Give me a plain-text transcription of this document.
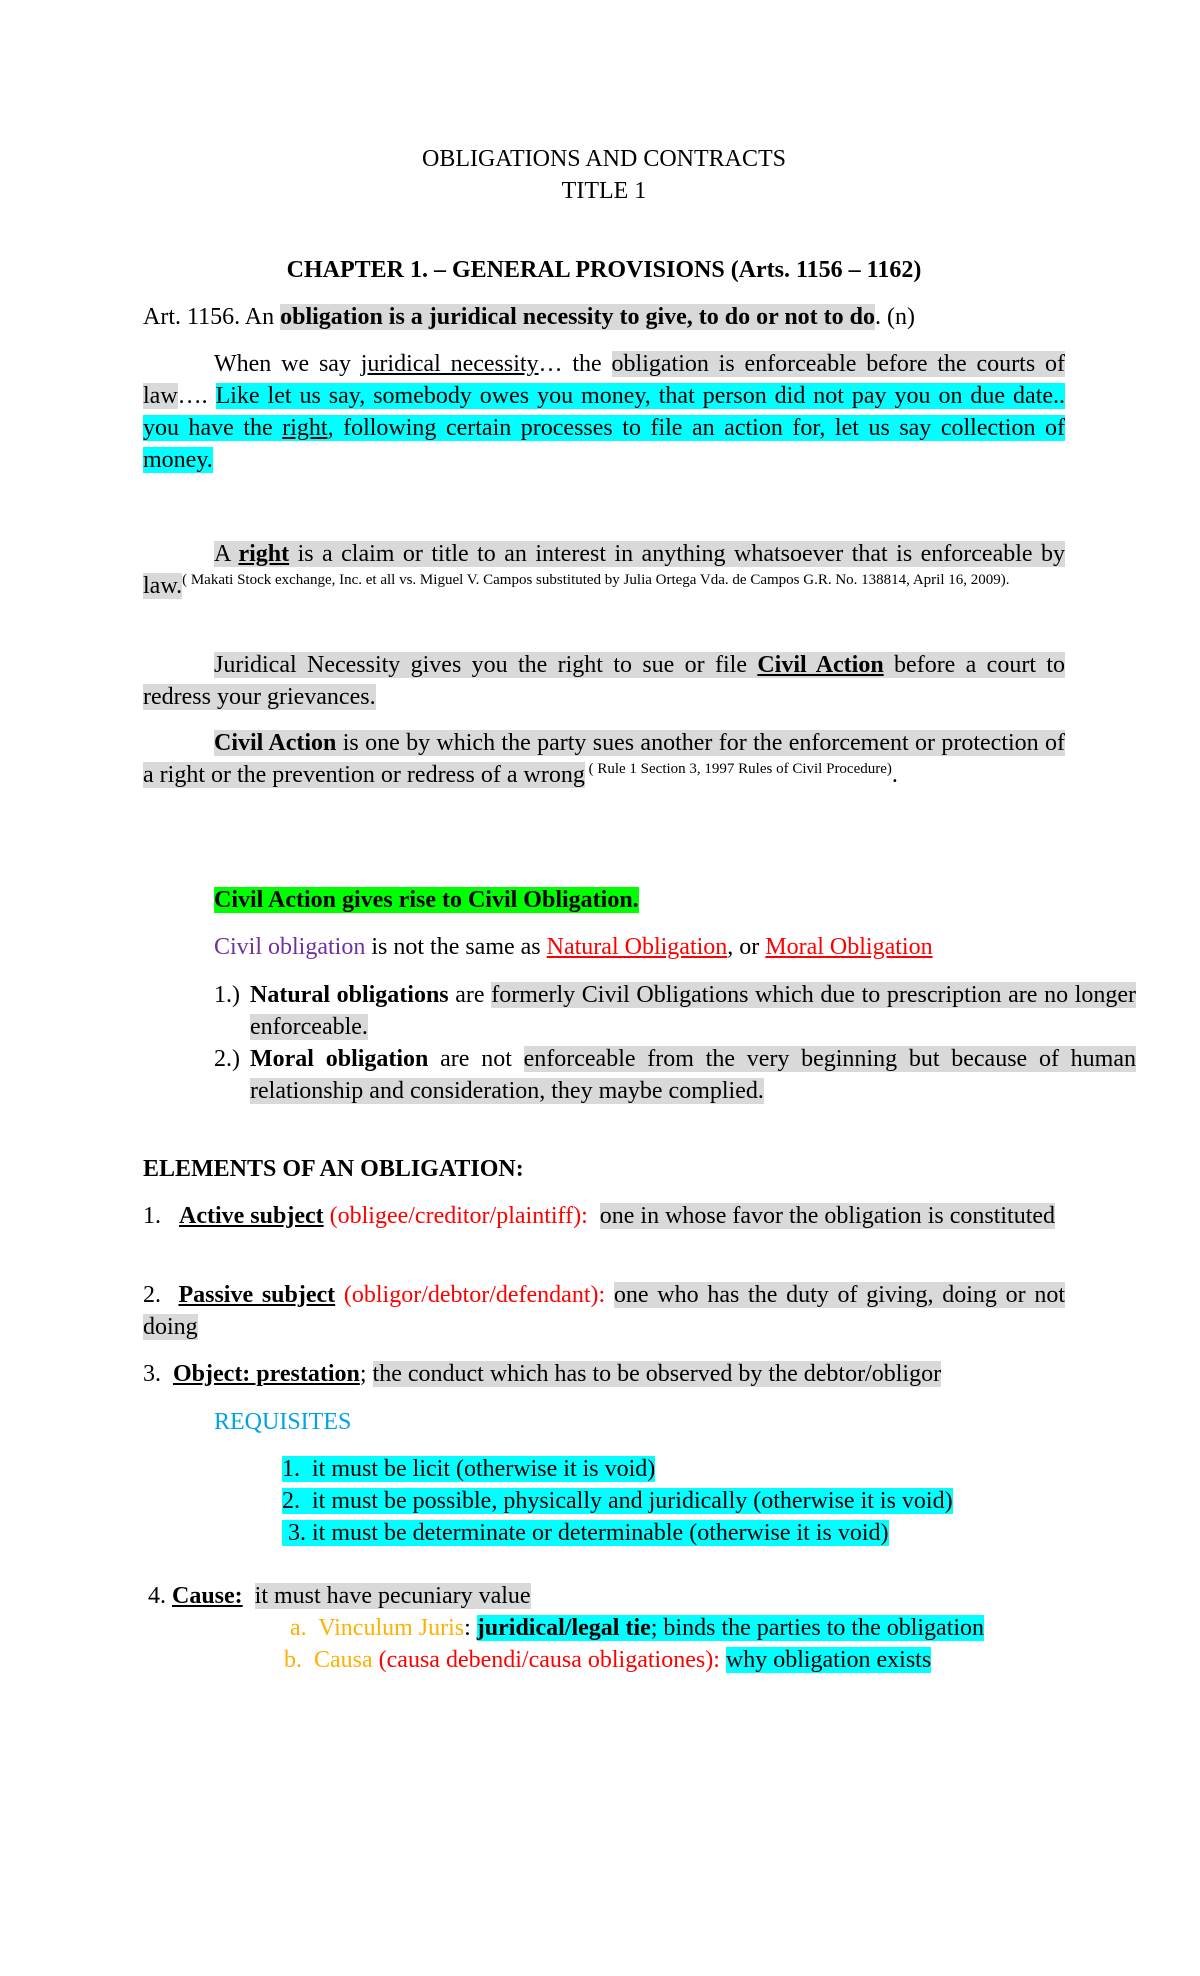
OBLIGATIONS AND CONTRACTS
TITLE 1
CHAPTER 1. – GENERAL PROVISIONS (Arts. 1156 – 1162)
Art. 1156. An obligation is a juridical necessity to give, to do or not to do. (n)
When we say juridical necessity… the obligation is enforceable before the courts of law…. Like let us say, somebody owes you money, that person did not pay you on due date.. you have the right, following certain processes to file an action for, let us say collection of money.
A right is a claim or title to an interest in anything whatsoever that is enforceable by law.$^{( Makati Stock exchange, Inc. et all vs. Miguel V. Campos substituted by Julia Ortega Vda. de Campos G.R. No. 138814, April 16, 2009).}$
Juridical Necessity gives you the right to sue or file Civil Action before a court to redress your grievances.
Civil Action is one by which the party sues another for the enforcement or protection of a right or the prevention or redress of a wrong $^{( Rule 1 Section 3, 1997 Rules of Civil Procedure)}$.
Civil Action gives rise to Civil Obligation.
Civil obligation is not the same as Natural Obligation, or Moral Obligation
1.) Natural obligations are formerly Civil Obligations which due to prescription are no longer enforceable.
2.) Moral obligation are not enforceable from the very beginning but because of human relationship and consideration, they maybe complied.
ELEMENTS OF AN OBLIGATION:
1. Active subject (obligee/creditor/plaintiff): one in whose favor the obligation is constituted
2. Passive subject (obligor/debtor/defendant): one who has the duty of giving, doing or not doing
3. Object: prestation; the conduct which has to be observed by the debtor/obligor
REQUISITES
1.  it must be licit (otherwise it is void)
2.  it must be possible, physically and juridically (otherwise it is void)
3. it must be determinate or determinable (otherwise it is void)
4. Cause: it must have pecuniary value
a. Vinculum Juris: juridical/legal tie; binds the parties to the obligation
b. Causa (causa debendi/causa obligationes): why obligation exists
